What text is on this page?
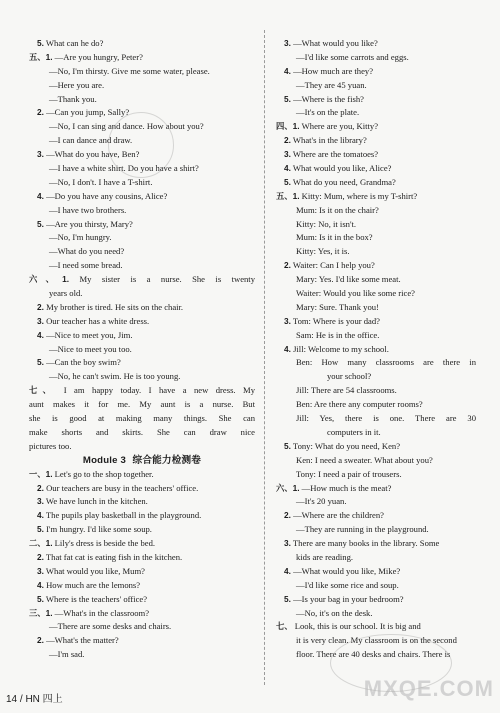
5. What can he do?
五、1. —Are you hungry, Peter?
—No, I'm thirsty. Give me some water, please.
—Here you are.
—Thank you.
2. —Can you jump, Sally?
—No, I can sing and dance. How about you?
—I can dance and draw.
3. —What do you have, Ben?
—I have a white shirt. Do you have a shirt?
—No, I don't. I have a T-shirt.
4. —Do you have any cousins, Alice?
—I have two brothers.
5. —Are you thirsty, Mary?
—No, I'm hungry.
—What do you need?
—I need some bread.
六、1. My sister is a nurse. She is twenty
years old.
2. My brother is tired. He sits on the chair.
3. Our teacher has a white dress.
4. —Nice to meet you, Jim.
—Nice to meet you too.
5. —Can the boy swim?
—No, he can't swim. He is too young.
七、 I am happy today. I have a new dress. My
aunt makes it for me. My aunt is a nurse. But
she is good at making many things. She can
make shorts and skirts. She can draw nice
pictures too.
Module 3 综合能力检测卷
一、1. Let's go to the shop together.
2. Our teachers are busy in the teachers' office.
3. We have lunch in the kitchen.
4. The pupils play basketball in the playground.
5. I'm hungry. I'd like some soup.
二、1. Lily's dress is beside the bed.
2. That fat cat is eating fish in the kitchen.
3. What would you like, Mum?
4. How much are the lemons?
5. Where is the teachers' office?
三、1. —What's in the classroom?
—There are some desks and chairs.
2. —What's the matter?
—I'm sad.
3. —What would you like?
—I'd like some carrots and eggs.
4. —How much are they?
—They are 45 yuan.
5. —Where is the fish?
—It's on the plate.
四、1. Where are you, Kitty?
2. What's in the library?
3. Where are the tomatoes?
4. What would you like, Alice?
5. What do you need, Grandma?
五、1. Kitty: Mum, where is my T-shirt?
Mum: Is it on the chair?
Kitty: No, it isn't.
Mum: Is it in the box?
Kitty: Yes, it is.
2. Waiter: Can I help you?
Mary: Yes. I'd like some meat.
Waiter: Would you like some rice?
Mary: Sure. Thank you!
3. Tom: Where is your dad?
Sam: He is in the office.
4. Jill: Welcome to my school.
Ben: How many classrooms are there in
your school?
Jill: There are 54 classrooms.
Ben: Are there any computer rooms?
Jill: Yes, there is one. There are 30
computers in it.
5. Tony: What do you need, Ken?
Ken: I need a sweater. What about you?
Tony: I need a pair of trousers.
六、1. —How much is the meat?
—It's 20 yuan.
2. —Where are the children?
—They are running in the playground.
3. There are many books in the library. Some
kids are reading.
4. —What would you like, Mike?
—I'd like some rice and soup.
5. —Is your bag in your bedroom?
—No, it's on the desk.
七、 Look, this is our school. It is big and
it is very clean. My classroom is on the second
floor. There are 40 desks and chairs. There is
14 / HN 四上	MXQE.COM
